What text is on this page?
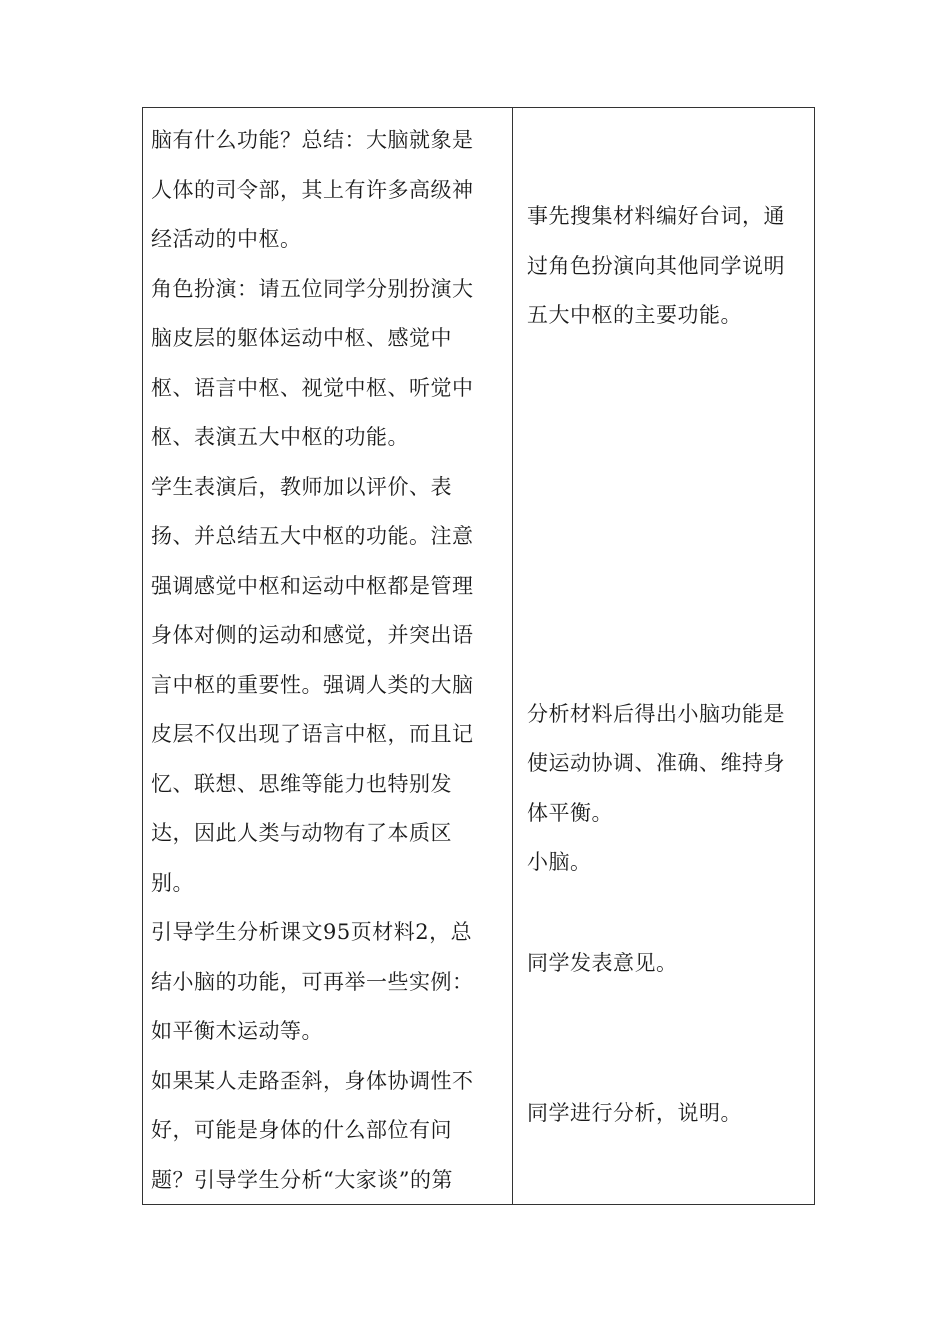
脑有什么功能？总结：大脑就象是
人体的司令部，其上有许多高级神
经活动的中枢。
角色扮演：请五位同学分别扮演大
脑皮层的躯体运动中枢、感觉中
枢、语言中枢、视觉中枢、听觉中
枢、表演五大中枢的功能。
学生表演后，教师加以评价、表
扬、并总结五大中枢的功能。注意
强调感觉中枢和运动中枢都是管理
身体对侧的运动和感觉，并突出语
言中枢的重要性。强调人类的大脑
皮层不仅出现了语言中枢，而且记
忆、联想、思维等能力也特别发
达，因此人类与动物有了本质区
别。
引导学生分析课文95页材料2，总
结小脑的功能，可再举一些实例：
如平衡木运动等。
如果某人走路歪斜，身体协调性不
好，可能是身体的什么部位有问
题？引导学生分析“大家谈”的第
事先搜集材料编好台词，通
过角色扮演向其他同学说明
五大中枢的主要功能。
分析材料后得出小脑功能是
使运动协调、准确、维持身
体平衡。
小脑。
同学发表意见。
同学进行分析，说明。
